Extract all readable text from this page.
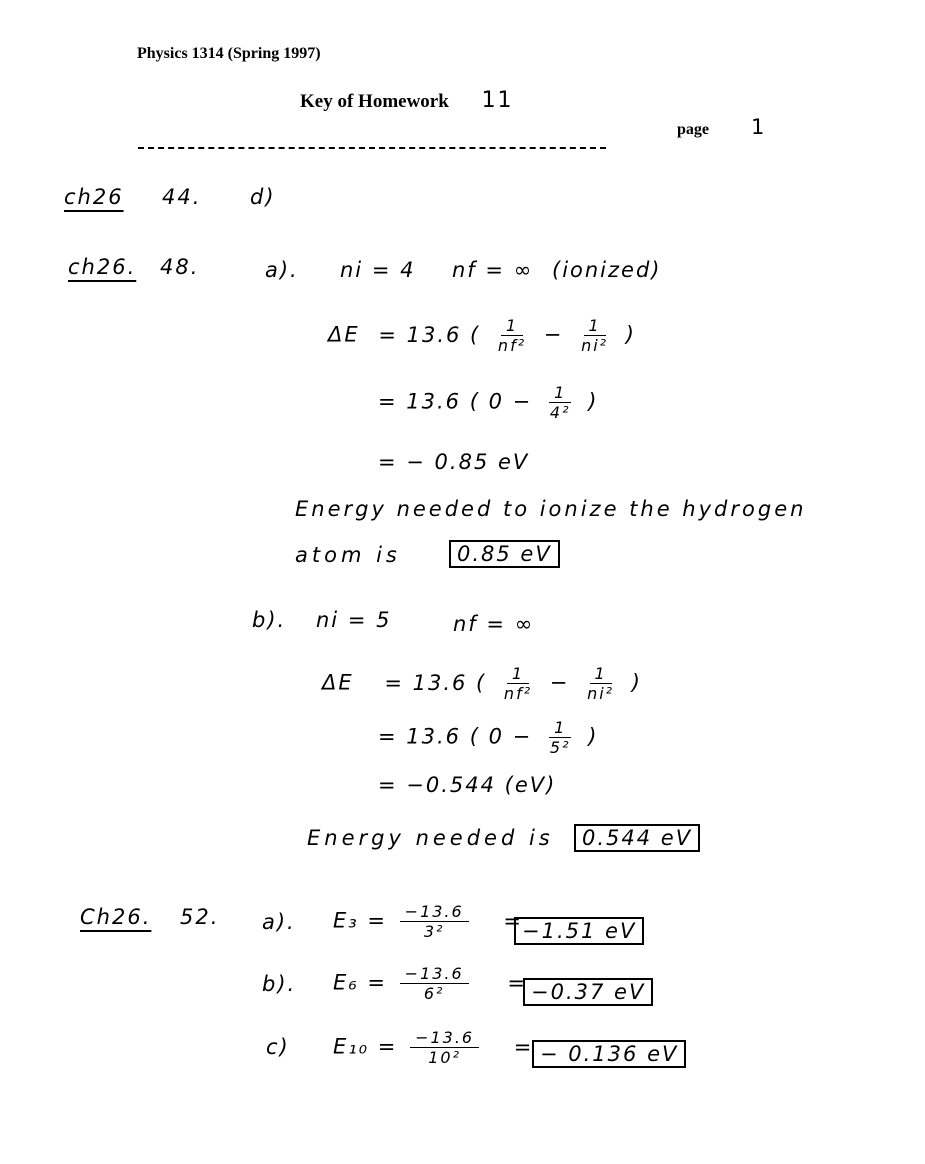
Physics 1314 (Spring 1997)
Key of Homework 11
page 1
ch26 44. d)
ch26. 48.	a). ni = 4 nf = ∞ (ionized)
ΔE = 13.6 ( $\frac{1}{\text{nf²}} - \frac{1}{\text{ni²}}$ )
= 13.6 ( $0 - \frac{1}{\text{4²}}$ )
= − 0.85 eV
Energy needed to ionize the hydrogen
atom is	0.85 eV
b). ni = 5	nf = ∞
ΔE = 13.6 ( $\frac{1}{\text{nf²}} - \frac{1}{\text{ni²}}$ )
= 13.6 ( $0 - \frac{1}{\text{5²}}$ )
= −0.544 (eV)
Energy needed is	0.544 eV
Ch26. 52. a). $E_3 = \frac{-13.6}{\text{3²}} = -1.51$ eV
b). $E_6 = \frac{-13.6}{\text{6²}} = -0.37$ eV
c) $E_{10} = \frac{-13.6}{\text{10²}}$ = − 0.136 eV
